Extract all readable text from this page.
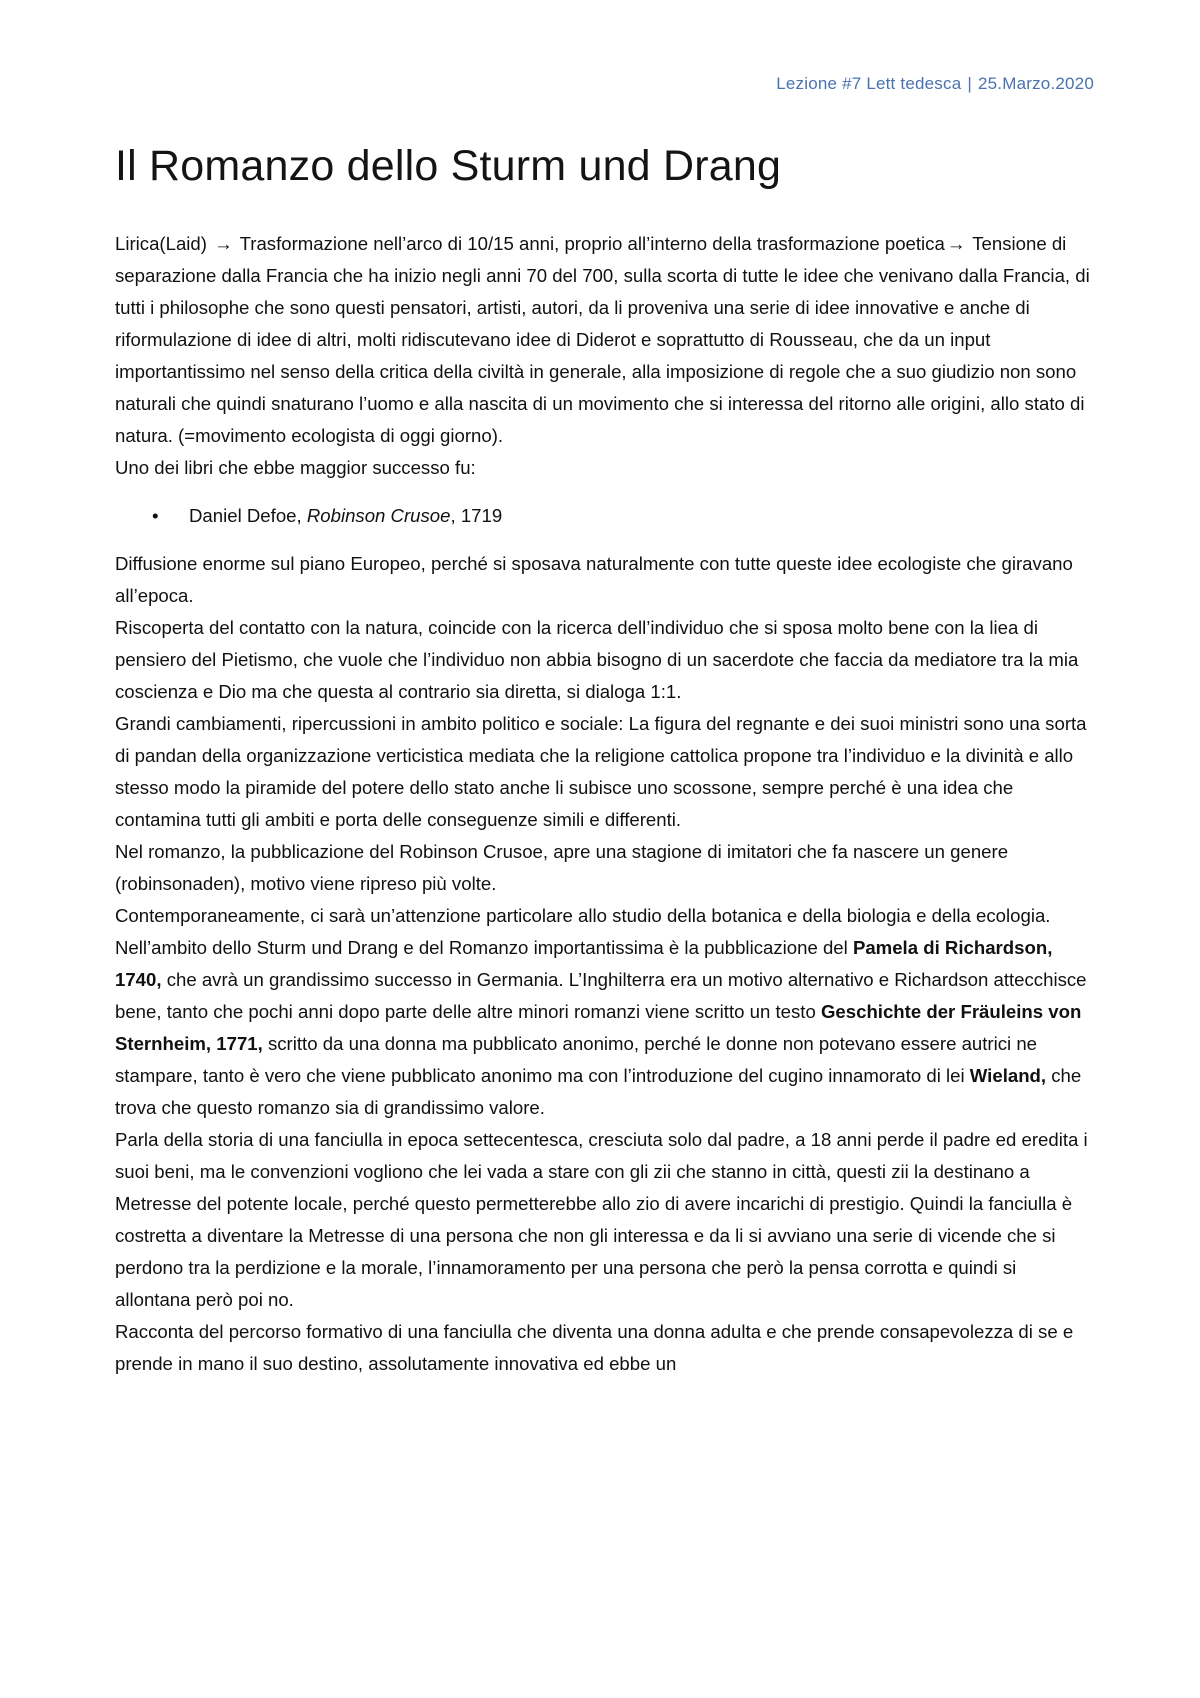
Lezione #7 Lett tedesca | 25.Marzo.2020
Il Romanzo dello Sturm und Drang

Lirica(Laid) → Trasformazione nell’arco di 10/15 anni, proprio all’interno della trasformazione poetica → Tensione di separazione dalla Francia che ha inizio negli anni 70 del 700, sulla scorta di tutte le idee che venivano dalla Francia, di tutti i philosophe che sono questi pensatori, artisti, autori, da li proveniva una serie di idee innovative e anche di riformulazione di idee di altri, molti ridiscutevano idee di Diderot e soprattutto di Rousseau, che da un input importantissimo nel senso della critica della civiltà in generale, alla imposizione di regole che a suo giudizio non sono naturali che quindi snaturano l’uomo e alla nascita di un movimento che si interessa del ritorno alle origini, allo stato di natura. (=movimento ecologista di oggi giorno).

Uno dei libri che ebbe maggior successo fu:

• Daniel Defoe, Robinson Crusoe, 1719

Diffusione enorme sul piano Europeo, perché si sposava naturalmente con tutte queste idee ecologiste che giravano all’epoca.

Riscoperta del contatto con la natura, coincide con la ricerca dell’individuo che si sposa molto bene con la liea di pensiero del Pietismo, che vuole che l’individuo non abbia bisogno di un sacerdote che faccia da mediatore tra la mia coscienza e Dio ma che questa al contrario sia diretta, si dialoga 1:1.

Grandi cambiamenti, ripercussioni in ambito politico e sociale: La figura del regnante e dei suoi ministri sono una sorta di pandan della organizzazione verticistica mediata che la religione cattolica propone tra l’individuo e la divinità e allo stesso modo la piramide del potere dello stato anche li subisce uno scossone, sempre perché è una idea che contamina tutti gli ambiti e porta delle conseguenze simili e differenti.

Nel romanzo, la pubblicazione del Robinson Crusoe, apre una stagione di imitatori che fa nascere un genere (robinsonaden), motivo viene ripreso più volte.

Contemporaneamente, ci sarà un’attenzione particolare allo studio della botanica e della biologia e della ecologia.

Nell’ambito dello Sturm und Drang e del Romanzo importantissima è la pubblicazione del Pamela di Richardson, 1740, che avrà un grandissimo successo in Germania. L’Inghilterra era un motivo alternativo e Richardson attecchisce bene, tanto che pochi anni dopo parte delle altre minori romanzi viene scritto un testo Geschichte der Fräuleins von Sternheim, 1771, scritto da una donna ma pubblicato anonimo, perché le donne non potevano essere autrici ne stampare, tanto è vero che viene pubblicato anonimo ma con l’introduzione del cugino innamorato di lei Wieland, che trova che questo romanzo sia di grandissimo valore.

Parla della storia di una fanciulla in epoca settecentesca, cresciuta solo dal padre, a 18 anni perde il padre ed eredita i suoi beni, ma le convenzioni vogliono che lei vada a stare con gli zii che stanno in città, questi zii la destinano a Metresse del potente locale, perché questo permetterebbe allo zio di avere incarichi di prestigio. Quindi la fanciulla è costretta a diventare la Metresse di una persona che non gli interessa e da li si avviano una serie di vicende che si perdono tra la perdizione e la morale, l’innamoramento per una persona che però la pensa corrotta e quindi si allontana però poi no.

Racconta del percorso formativo di una fanciulla che diventa una donna adulta e che prende consapevolezza di se e prende in mano il suo destino, assolutamente innovativa ed ebbe un
